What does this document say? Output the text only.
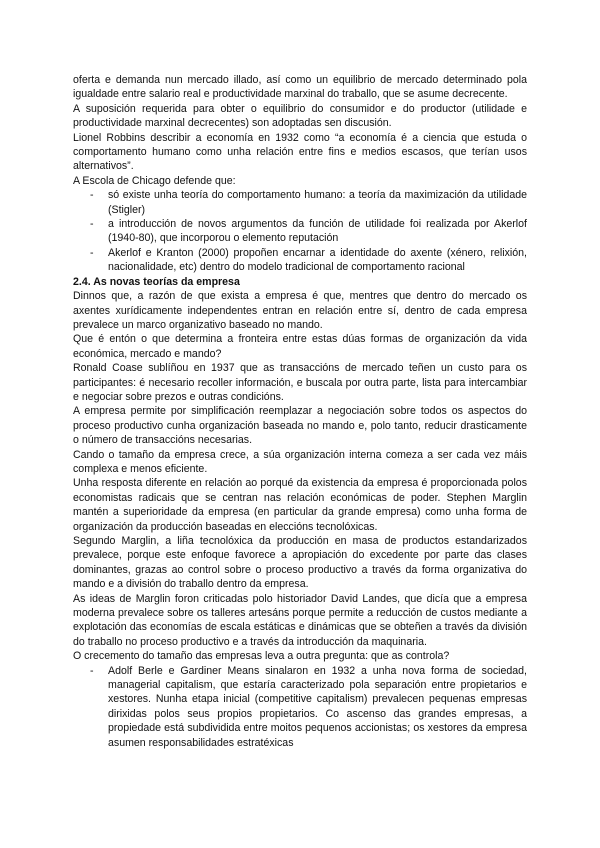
oferta e demanda nun mercado illado, así como un equilibrio de mercado determinado pola igualdade entre salario real e productividade marxinal do traballo, que se asume decrecente.

A suposición requerida para obter o equilibrio do consumidor e do productor (utilidade e productividade marxinal decrecentes) son adoptadas sen discusión.

Lionel Robbins describir a economía en 1932 como “a economía é a ciencia que estuda o comportamento humano como unha relación entre fins e medios escasos, que terían usos alternativos”.

A Escola de Chicago defende que:

- só existe unha teoría do comportamento humano: a teoría da maximización da utilidade (Stigler)
- a introducción de novos argumentos da función de utilidade foi realizada por Akerlof (1940-80), que incorporou o elemento reputación
- Akerlof e Kranton (2000) propoñen encarnar a identidade do axente (xénero, relixión, nacionalidade, etc) dentro do modelo tradicional de comportamento racional
2.4. As novas teorías da empresa

Dinnos que, a razón de que exista a empresa é que, mentres que dentro do mercado os axentes xurídicamente independentes entran en relación entre sí, dentro de cada empresa prevalece un marco organizativo baseado no mando.

Que é entón o que determina a fronteira entre estas dúas formas de organización da vida económica, mercado e mando?

Ronald Coase sublíñou en 1937 que as transaccións de mercado teñen un custo para os participantes: é necesario recoller información, e buscala por outra parte, lista para intercambiar e negociar sobre prezos e outras condicións.

A empresa permite por simplificación reemplazar a negociación sobre todos os aspectos do proceso productivo cunha organización baseada no mando e, polo tanto, reducir drasticamente o número de transaccións necesarias.

Cando o tamaño da empresa crece, a súa organización interna comeza a ser cada vez máis complexa e menos eficiente.

Unha resposta diferente en relación ao porqué da existencia da empresa é proporcionada polos economistas radicais que se centran nas relación económicas de poder. Stephen Marglin mantén a superioridade da empresa (en particular da grande empresa) como unha forma de organización da producción baseadas en eleccións tecnolóxicas.

Segundo Marglin, a liña tecnolóxica da producción en masa de productos estandarizados prevalece, porque este enfoque favorece a apropiación do excedente por parte das clases dominantes, grazas ao control sobre o proceso productivo a través da forma organizativa do mando e a división do traballo dentro da empresa.

As ideas de Marglin foron criticadas polo historiador David Landes, que dicía que a empresa moderna prevalece sobre os talleres artesáns porque permite a reducción de custos mediante a explotación das economías de escala estáticas e dinámicas que se obteñen a través da división do traballo no proceso productivo e a través da introducción da maquinaria.

O crecemento do tamaño das empresas leva a outra pregunta: que as controla?

- Adolf Berle e Gardiner Means sinalaron en 1932 a unha nova forma de sociedad, managerial capitalism, que estaría caracterizado pola separación entre propietarios e xestores. Nunha etapa inicial (competitive capitalism) prevalecen pequenas empresas dirixidas polos seus propios propietarios. Co ascenso das grandes empresas, a propiedade está subdividida entre moitos pequenos accionistas; os xestores da empresa asumen responsabilidades estratéxicas
